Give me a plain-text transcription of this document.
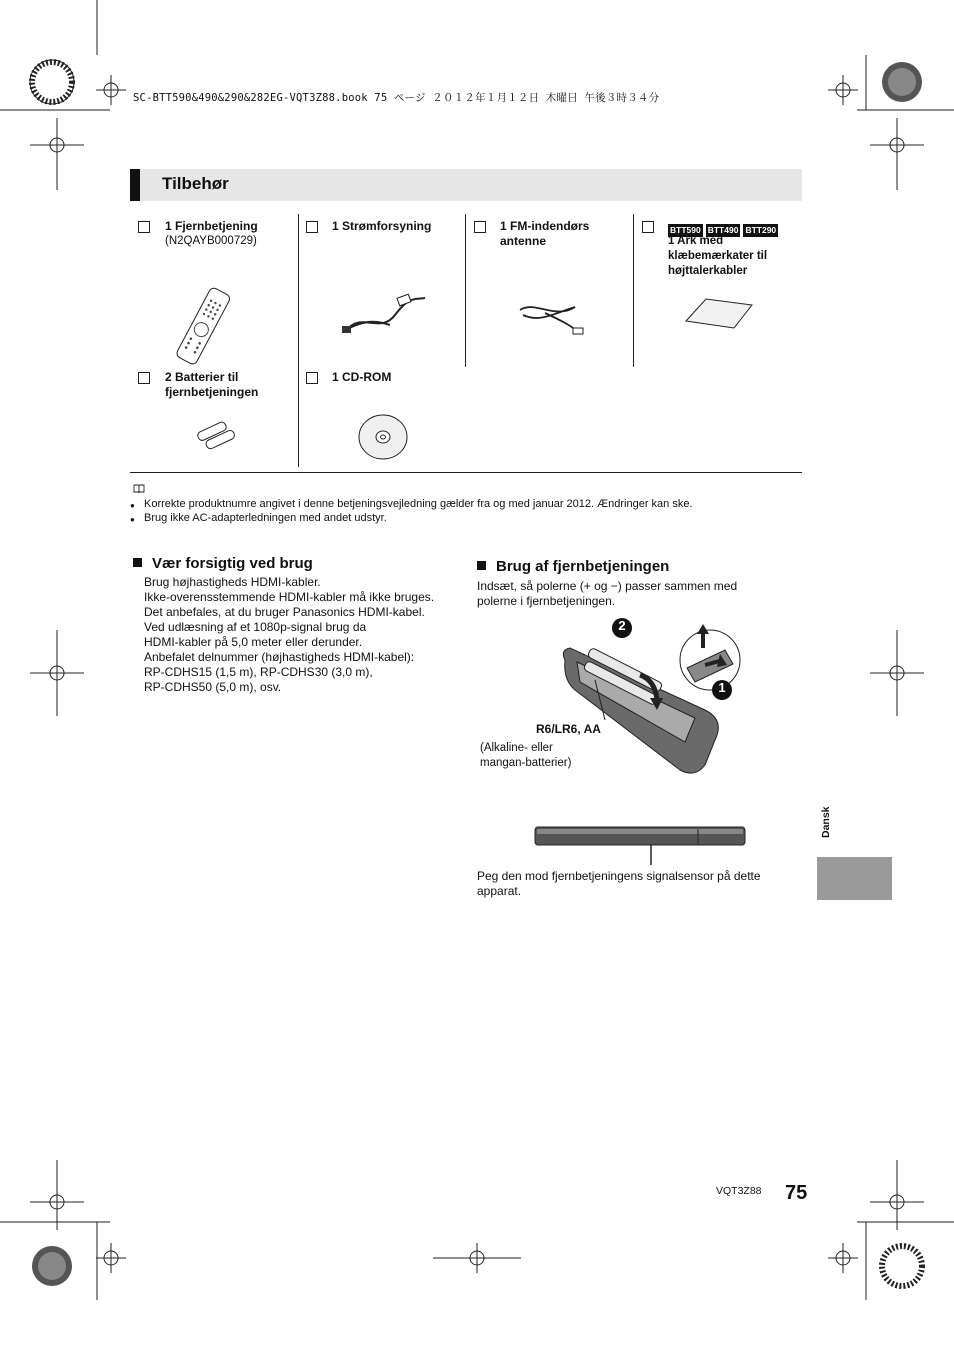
SC-BTT590&490&290&282EG-VQT3Z88.book 75 ページ ２０１２年１月１２日 木曜日 午後３時３４分
Tilbehør
1 Fjernbetjening
(N2QAYB000729)
1 Strømforsyning	1 FM-indendørs
antenne
BTT590 BTT490 BTT290
1 Ark med
klæbemærkater til
højttalerkabler
2 Batterier til
fjernbetjeningen
1 CD-ROM
● Korrekte produktnumre angivet i denne betjeningsvejledning gælder fra og med januar 2012. Ændringer kan ske.
● Brug ikke AC-adapterledningen med andet udstyr.
Vær forsigtig ved brug
Brug højhastigheds HDMI-kabler.
Ikke-overensstemmende HDMI-kabler må ikke bruges.
Det anbefales, at du bruger Panasonics HDMI-kabel.
Ved udlæsning af et 1080p-signal brug da
HDMI-kabler på 5,0 meter eller derunder.
Anbefalet delnummer (højhastigheds HDMI-kabel):
RP-CDHS15 (1,5 m), RP-CDHS30 (3,0 m),
RP-CDHS50 (5,0 m), osv.
Brug af fjernbetjeningen
Indsæt, så polerne (+ og −) passer sammen med
polerne i fjernbetjeningen.
2
1
R6/LR6, AA
(Alkaline- eller
mangan-batterier)
Peg den mod fjernbetjeningens signalsensor på dette
apparat.
Dansk
VQT3Z88 75
